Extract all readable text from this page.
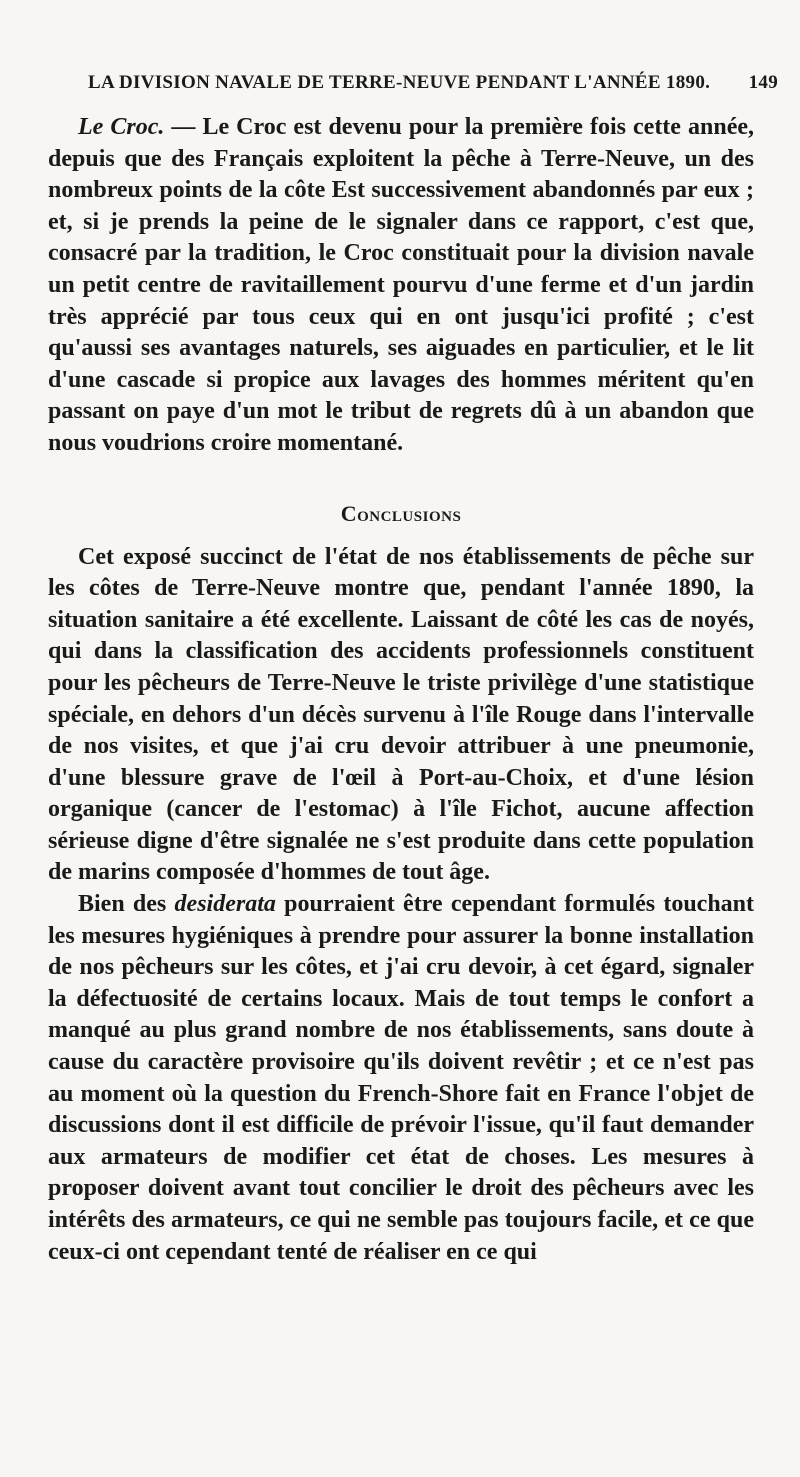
LA DIVISION NAVALE DE TERRE-NEUVE PENDANT L'ANNÉE 1890. 149

Le Croc. — Le Croc est devenu pour la première fois cette année, depuis que des Français exploitent la pêche à Terre-Neuve, un des nombreux points de la côte Est successivement abandonnés par eux ; et, si je prends la peine de le signaler dans ce rapport, c'est que, consacré par la tradition, le Croc constituait pour la division navale un petit centre de ravitaillement pourvu d'une ferme et d'un jardin très apprécié par tous ceux qui en ont jusqu'ici profité ; c'est qu'aussi ses avantages naturels, ses aiguades en particulier, et le lit d'une cascade si propice aux lavages des hommes méritent qu'en passant on paye d'un mot le tribut de regrets dû à un abandon que nous voudrions croire momentané.

Conclusions

Cet exposé succinct de l'état de nos établissements de pêche sur les côtes de Terre-Neuve montre que, pendant l'année 1890, la situation sanitaire a été excellente. Laissant de côté les cas de noyés, qui dans la classification des accidents professionnels constituent pour les pêcheurs de Terre-Neuve le triste privilège d'une statistique spéciale, en dehors d'un décès survenu à l'île Rouge dans l'intervalle de nos visites, et que j'ai cru devoir attribuer à une pneumonie, d'une blessure grave de l'œil à Port-au-Choix, et d'une lésion organique (cancer de l'estomac) à l'île Fichot, aucune affection sérieuse digne d'être signalée ne s'est produite dans cette population de marins composée d'hommes de tout âge.

Bien des desiderata pourraient être cependant formulés touchant les mesures hygiéniques à prendre pour assurer la bonne installation de nos pêcheurs sur les côtes, et j'ai cru devoir, à cet égard, signaler la défectuosité de certains locaux. Mais de tout temps le confort a manqué au plus grand nombre de nos établissements, sans doute à cause du caractère provisoire qu'ils doivent revêtir ; et ce n'est pas au moment où la question du French-Shore fait en France l'objet de discussions dont il est difficile de prévoir l'issue, qu'il faut demander aux armateurs de modifier cet état de choses. Les mesures à proposer doivent avant tout concilier le droit des pêcheurs avec les intérêts des armateurs, ce qui ne semble pas toujours facile, et ce que ceux-ci ont cependant tenté de réaliser en ce qui
